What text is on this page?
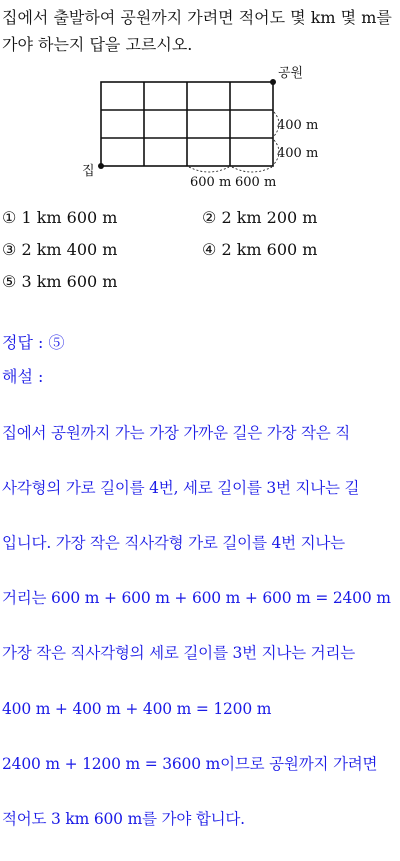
집에서 출발하여 공원까지 가려면 적어도 몇 km 몇 m를 가야 하는지 답을 고르시오.
공원
집
400 m
400 m
600 m 600 m
① 1 km 600 m	② 2 km 200 m
③ 2 km 400 m	④ 2 km 600 m
⑤ 3 km 600 m
정답 : ⑤
해설 :

집에서 공원까지 가는 가장 가까운 길은 가장 작은 직

사각형의 가로 길이를 4번, 세로 길이를 3번 지나는 길

입니다. 가장 작은 직사각형 가로 길이를 4번 지나는

거리는 600 m + 600 m + 600 m + 600 m = 2400 m

가장 작은 직사각형의 세로 길이를 3번 지나는 거리는

400 m + 400 m + 400 m = 1200 m

2400 m + 1200 m = 3600 m이므로 공원까지 가려면

적어도 3 km 600 m를 가야 합니다.
